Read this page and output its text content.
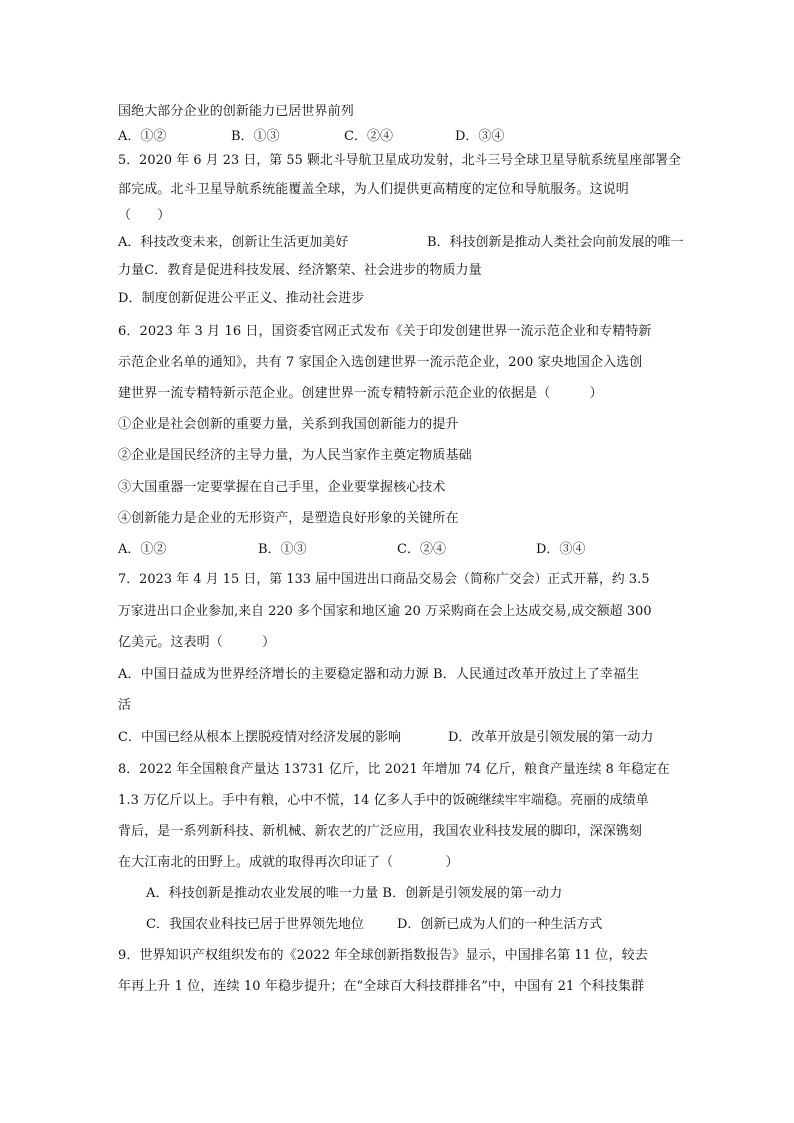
国绝大部分企业的创新能力已居世界前列
A．①②	B．①③	C．②④	D．③④
5．2020 年 6 月 23 日，第 55 颗北斗导航卫星成功发射，北斗三号全球卫星导航系统星座部署全
部完成。北斗卫星导航系统能覆盖全球，为人们提供更高精度的定位和导航服务。这说明
（　　）
A．科技改变未来，创新让生活更加美好	B．科技创新是推动人类社会向前发展的唯一
力量C．教育是促进科技发展、经济繁荣、社会进步的物质力量
D．制度创新促进公平正义、推动社会进步
6．2023 年 3 月 16 日，国资委官网正式发布《关于印发创建世界一流示范企业和专精特新
示范企业名单的通知》，共有 7 家国企入选创建世界一流示范企业，200 家央地国企入选创
建世界一流专精特新示范企业。创建世界一流专精特新示范企业的依据是（　　　）
①企业是社会创新的重要力量，关系到我国创新能力的提升
②企业是国民经济的主导力量，为人民当家作主奠定物质基础
③大国重器一定要掌握在自己手里，企业要掌握核心技术
④创新能力是企业的无形资产，是塑造良好形象的关键所在
A．①②	B．①③	C．②④	D．③④
7．2023 年 4 月 15 日，第 133 届中国进出口商品交易会（简称广交会）正式开幕，约 3.5
万家进出口企业参加,来自 220 多个国家和地区逾 20 万采购商在会上达成交易,成交额超 300
亿美元。这表明（　　　）
A．中国日益成为世界经济增长的主要稳定器和动力源 B．人民通过改革开放过上了幸福生
活
C．中国已经从根本上摆脱疫情对经济发展的影响	D．改革开放是引领发展的第一动力
8．2022 年全国粮食产量达 13731 亿斤，比 2021 年增加 74 亿斤，粮食产量连续 8 年稳定在
1.3 万亿斤以上。手中有粮，心中不慌，14 亿多人手中的饭碗继续牢牢端稳。亮丽的成绩单
背后，是一系列新科技、新机械、新农艺的广泛应用，我国农业科技发展的脚印，深深镌刻
在大江南北的田野上。成就的取得再次印证了（　　　　）
A．科技创新是推动农业发展的唯一力量 B．创新是引领发展的第一动力
C．我国农业科技已居于世界领先地位	D．创新已成为人们的一种生活方式
9．世界知识产权组织发布的《2022 年全球创新指数报告》显示，中国排名第 11 位，较去
年再上升 1 位，连续 10 年稳步提升；在“全球百大科技群排名”中，中国有 21 个科技集群
